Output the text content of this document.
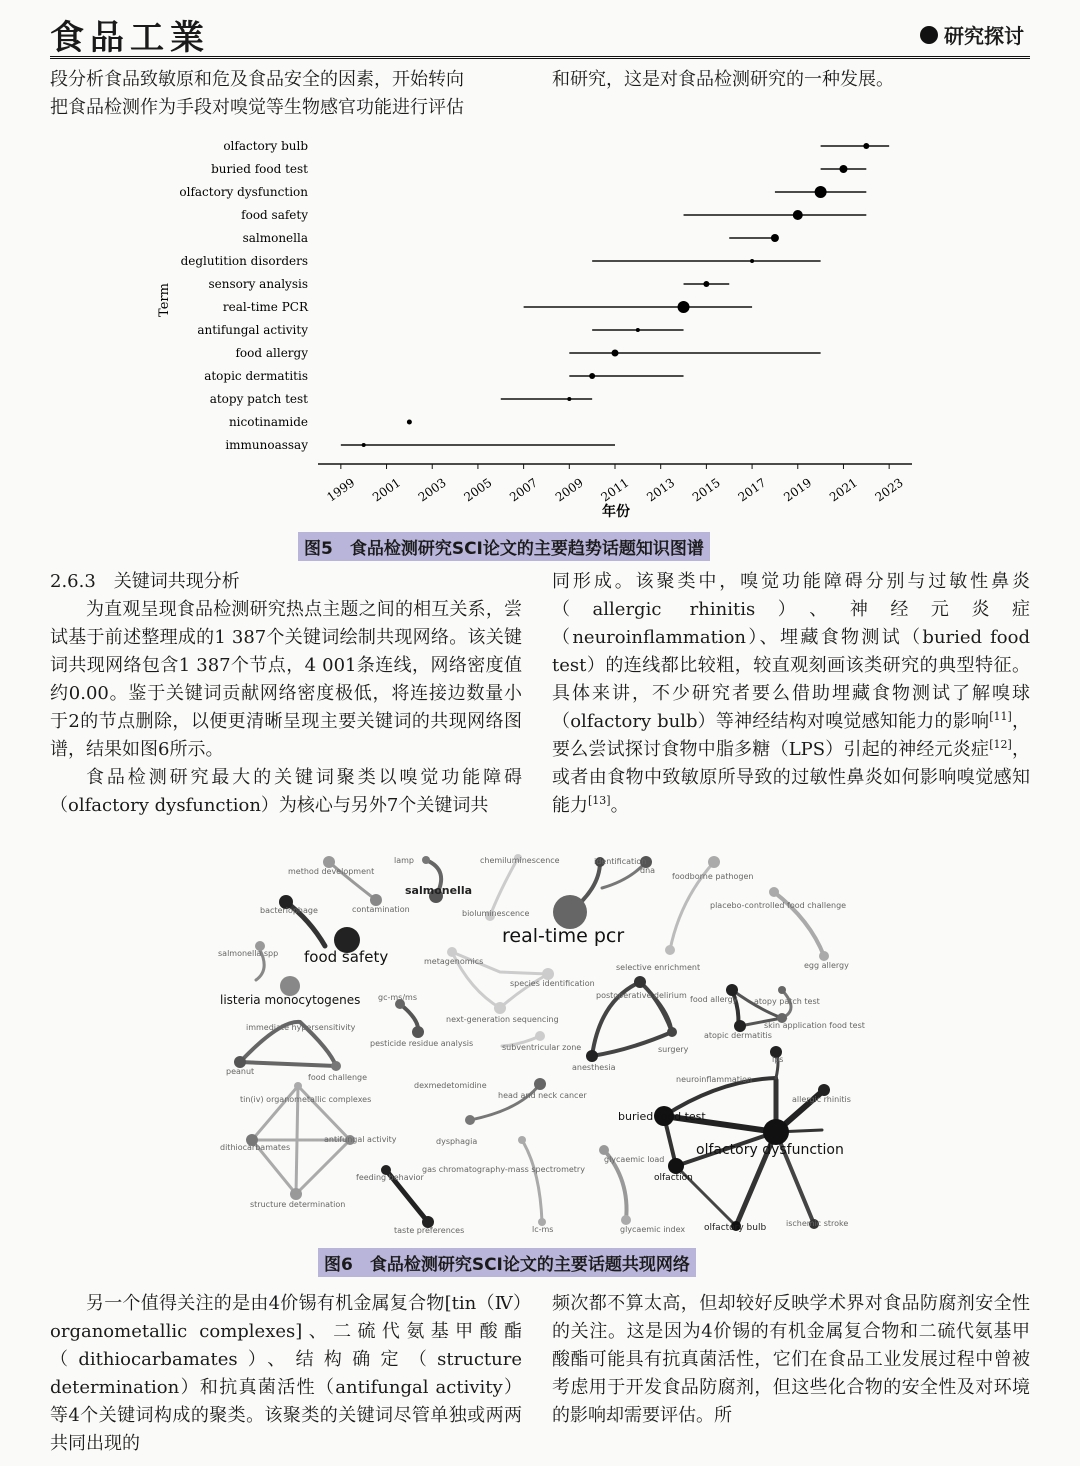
食品工業	研究探讨
段分析食品致敏原和危及食品安全的因素，开始转向
把食品检测作为手段对嗅觉等生物感官功能进行评估
和研究，这是对食品检测研究的一种发展。
olfactory bulb
buried food test
olfactory dysfunction
food safety
salmonella
deglutition disorders
sensory analysis
real-time PCR
antifungal activity
food allergy
atopic dermatitis
atopy patch test
nicotinamide
immunoassay
1999 2001 2003 2005 2007 2009 2011 2013 2015 2017 2019 2021 2023
Term
年份
图5　食品检测研究SCI论文的主要趋势话题知识图谱
2.6.3　关键词共现分析

为直观呈现食品检测研究热点主题之间的相互关系，尝试基于前述整理成的1 387个关键词绘制共现网络。该关键词共现网络包含1 387个节点，4 001条连线，网络密度值约0.00。鉴于关键词贡献网络密度极低，将连接边数量小于2的节点删除，以便更清晰呈现主要关键词的共现网络图谱，结果如图6所示。

食品检测研究最大的关键词聚类以嗅觉功能障碍（olfactory dysfunction）为核心与另外7个关键词共

同形成。该聚类中，嗅觉功能障碍分别与过敏性鼻炎（allergic rhinitis）、神经元炎症（neuroinflammation）、埋藏食物测试（buried food test）的连线都比较粗，较直观刻画该类研究的典型特征。具体来讲，不少研究者要么借助埋藏食物测试了解嗅球（olfactory bulb）等神经结构对嗅觉感知能力的影响[11]，要么尝试探讨食物中脂多糖（LPS）引起的神经元炎症[12]，或者由食物中致敏原所导致的过敏性鼻炎如何影响嗅觉感知能力[13]。

method development
lamp
salmonella
chemiluminescence	identification
dna
foodborne pathogen
bacteriophage	contamination	bioluminescence
real-time pcr
placebo-controlled food challenge
salmonella spp food safety	metagenomics
selective enrichment	egg allergy
species identification
listeria monocytogenes gc-ms/ms	postoperative delirium food allergy atopy patch test
next-generation sequencing
immediate hypersensitivity	skin application food test
atopic dermatitis
pesticide residue analysis	subventricular zone	surgery
lps
peanut
food challenge
anesthesia
neuroinflammation
dexmedetomidine
head and neck cancer
tin(iv) organometallic complexes	allergic rhinitis
buried food test
antifungal activity
dithiocarbamates
dysphagia
olfactory dysfunction
glycaemic load
feeding behavior
gas chromatography-mass spectrometry
olfaction
structure determination
taste preferences	lc-ms	glycaemic index olfactory bulb ischemic stroke
图6　食品检测研究SCI论文的主要话题共现网络

另一个值得关注的是由4价锡有机金属复合物[tin（Ⅳ）organometallic complexes]、二硫代氨基甲酸酯（dithiocarbamates）、结构确定（structure determination）和抗真菌活性（antifungal activity）等4个关键词构成的聚类。该聚类的关键词尽管单独或两两共同出现的

频次都不算太高，但却较好反映学术界对食品防腐剂安全性的关注。这是因为4价锡的有机金属复合物和二硫代氨基甲酸酯可能具有抗真菌活性，它们在食品工业发展过程中曾被考虑用于开发食品防腐剂，但这些化合物的安全性及对环境的影响却需要评估。所
